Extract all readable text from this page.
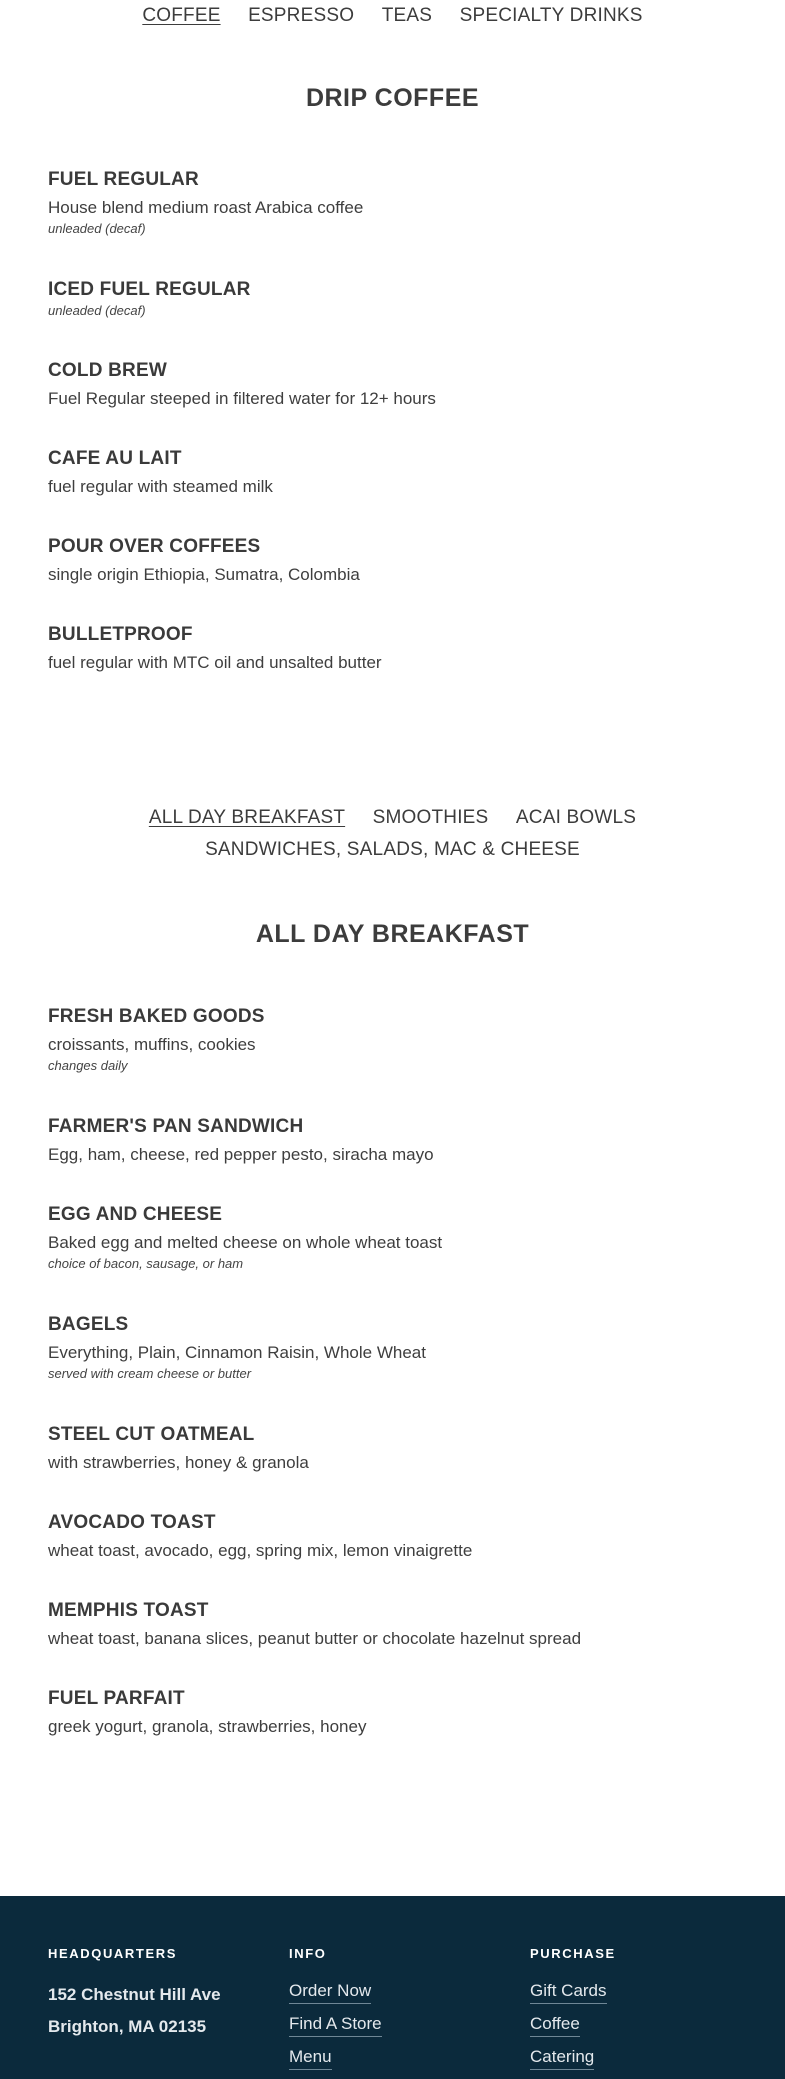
COFFEE ESPRESSO TEAS SPECIALTY DRINKS
DRIP COFFEE
FUEL REGULAR
House blend medium roast Arabica coffee
unleaded (decaf)
ICED FUEL REGULAR
unleaded (decaf)
COLD BREW
Fuel Regular steeped in filtered water for 12+ hours
CAFE AU LAIT
fuel regular with steamed milk
POUR OVER COFFEES
single origin Ethiopia, Sumatra, Colombia
BULLETPROOF
fuel regular with MTC oil and unsalted butter
ALL DAY BREAKFAST SMOOTHIES ACAI BOWLS
SANDWICHES, SALADS, MAC & CHEESE
ALL DAY BREAKFAST
FRESH BAKED GOODS
croissants, muffins, cookies
changes daily
FARMER'S PAN SANDWICH
Egg, ham, cheese, red pepper pesto, siracha mayo
EGG AND CHEESE
Baked egg and melted cheese on whole wheat toast
choice of bacon, sausage, or ham
BAGELS
Everything, Plain, Cinnamon Raisin, Whole Wheat
served with cream cheese or butter
STEEL CUT OATMEAL
with strawberries, honey & granola
AVOCADO TOAST
wheat toast, avocado, egg, spring mix, lemon vinaigrette
MEMPHIS TOAST
wheat toast, banana slices, peanut butter or chocolate hazelnut spread
FUEL PARFAIT
greek yogurt, granola, strawberries, honey
HEADQUARTERS
152 Chestnut Hill Ave
Brighton, MA 02135
INFO
Order Now
Find A Store
Menu
PURCHASE
Gift Cards
Coffee
Catering
